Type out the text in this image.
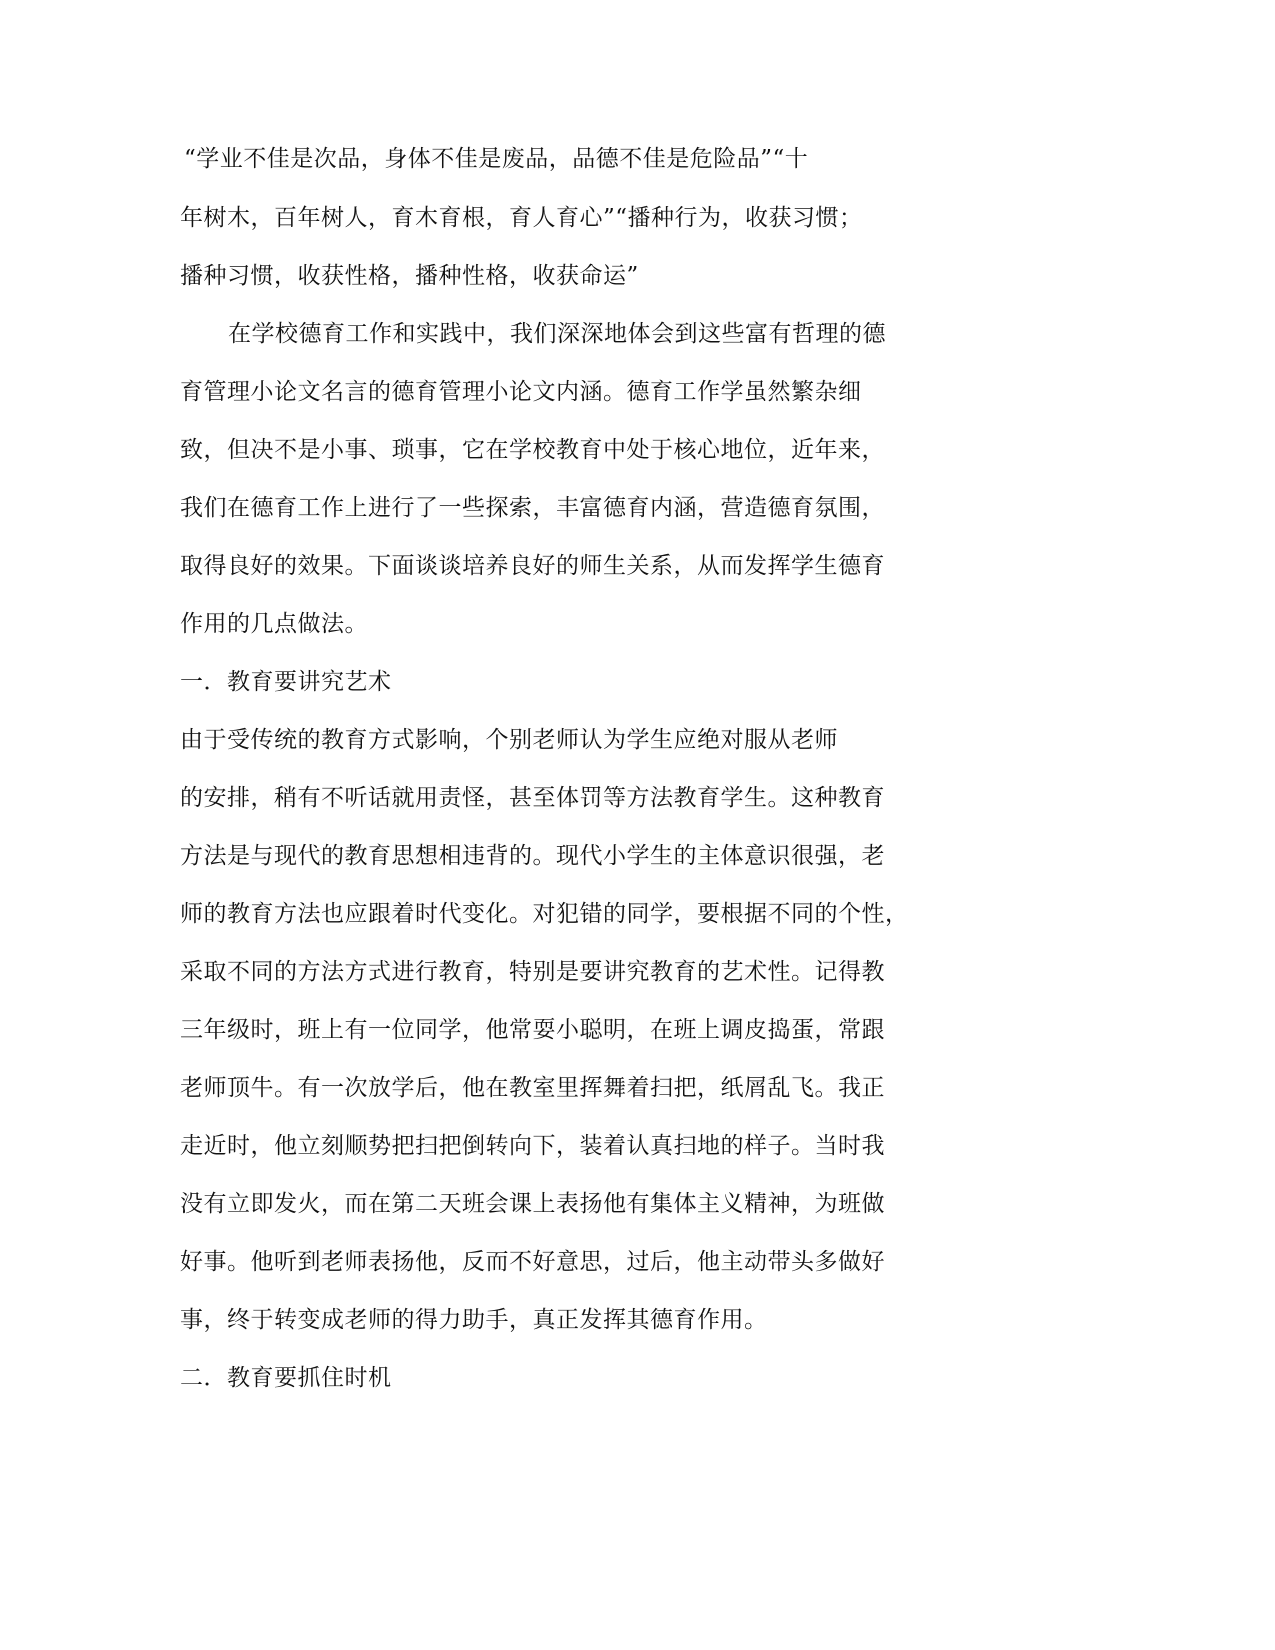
“学业不佳是次品，身体不佳是废品，品德不佳是危险品”“十
年树木，百年树人，育木育根，育人育心”“播种行为，收获习惯；
播种习惯，收获性格，播种性格，收获命运”
在学校德育工作和实践中，我们深深地体会到这些富有哲理的德
育管理小论文名言的德育管理小论文内涵。德育工作学虽然繁杂细
致，但决不是小事、琐事，它在学校教育中处于核心地位，近年来，
我们在德育工作上进行了一些探索，丰富德育内涵，营造德育氛围，
取得良好的效果。下面谈谈培养良好的师生关系，从而发挥学生德育
作用的几点做法。
一．教育要讲究艺术
由于受传统的教育方式影响，个别老师认为学生应绝对服从老师
的安排，稍有不听话就用责怪，甚至体罚等方法教育学生。这种教育
方法是与现代的教育思想相违背的。现代小学生的主体意识很强，老
师的教育方法也应跟着时代变化。对犯错的同学，要根据不同的个性，
采取不同的方法方式进行教育，特别是要讲究教育的艺术性。记得教
三年级时，班上有一位同学，他常耍小聪明，在班上调皮捣蛋，常跟
老师顶牛。有一次放学后，他在教室里挥舞着扫把，纸屑乱飞。我正
走近时，他立刻顺势把扫把倒转向下，装着认真扫地的样子。当时我
没有立即发火，而在第二天班会课上表扬他有集体主义精神，为班做
好事。他听到老师表扬他，反而不好意思，过后，他主动带头多做好
事，终于转变成老师的得力助手，真正发挥其德育作用。
二．教育要抓住时机
